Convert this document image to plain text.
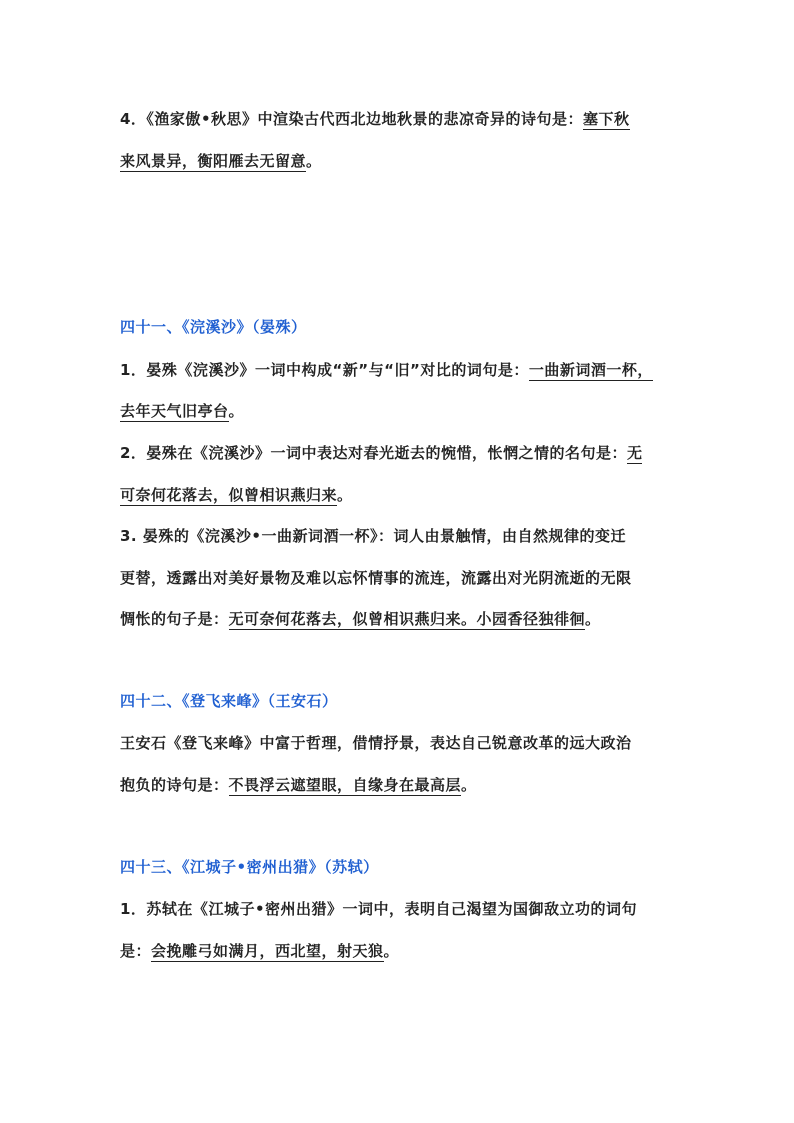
4．《渔家傲•秋思》中渲染古代西北边地秋景的悲凉奇异的诗句是：塞下秋
来风景异，衡阳雁去无留意。
四十一、《浣溪沙》（晏殊）
1．晏殊《浣溪沙》一词中构成“新”与“旧”对比的词句是：一曲新词酒一杯，
去年天气旧亭台。
2．晏殊在《浣溪沙》一词中表达对春光逝去的惋惜，怅惘之情的名句是：无
可奈何花落去，似曾相识燕归来。
3. 晏殊的《浣溪沙•一曲新词酒一杯》：词人由景触情，由自然规律的变迁
更替，透露出对美好景物及难以忘怀情事的流连，流露出对光阴流逝的无限
惆怅的句子是：无可奈何花落去，似曾相识燕归来。小园香径独徘徊。
四十二、《登飞来峰》（王安石）
王安石《登飞来峰》中富于哲理，借情抒景，表达自己锐意改革的远大政治
抱负的诗句是：不畏浮云遮望眼，自缘身在最高层。
四十三、《江城子•密州出猎》（苏轼）
1．苏轼在《江城子•密州出猎》一词中，表明自己渴望为国御敌立功的词句
是：会挽雕弓如满月，西北望，射天狼。
